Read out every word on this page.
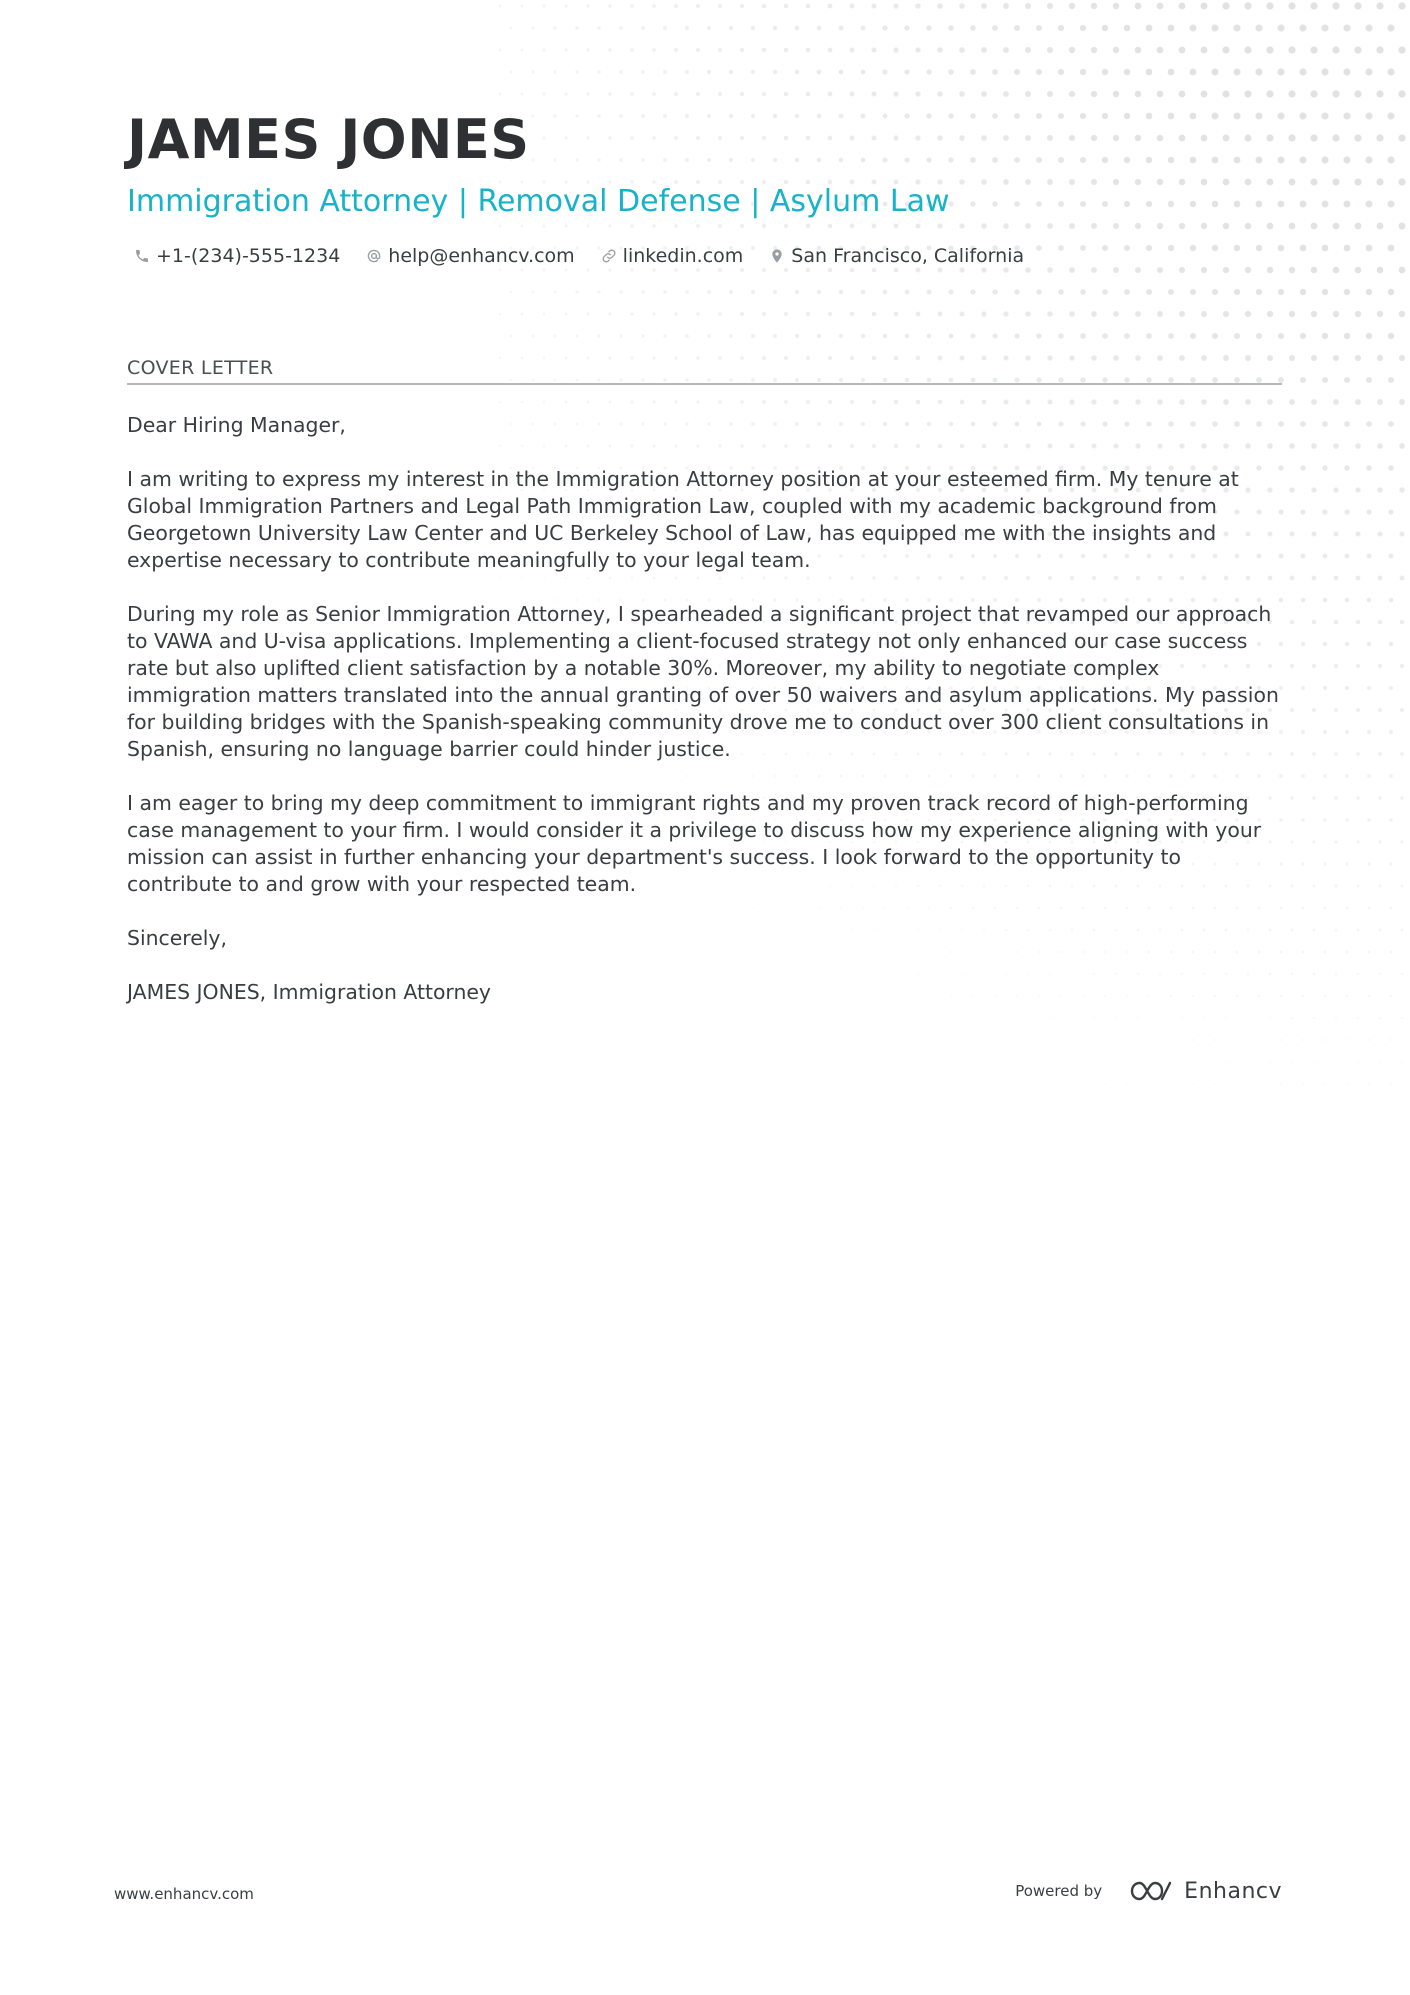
JAMES JONES
Immigration Attorney | Removal Defense | Asylum Law
+1-(234)-555-1234	help@enhancv.com	linkedin.com	San Francisco, California
COVER LETTER

Dear Hiring Manager,

I am writing to express my interest in the Immigration Attorney position at your esteemed firm. My tenure at Global Immigration Partners and Legal Path Immigration Law, coupled with my academic background from Georgetown University Law Center and UC Berkeley School of Law, has equipped me with the insights and expertise necessary to contribute meaningfully to your legal team.

During my role as Senior Immigration Attorney, I spearheaded a significant project that revamped our approach to VAWA and U-visa applications. Implementing a client-focused strategy not only enhanced our case success rate but also uplifted client satisfaction by a notable 30%. Moreover, my ability to negotiate complex immigration matters translated into the annual granting of over 50 waivers and asylum applications. My passion for building bridges with the Spanish-speaking community drove me to conduct over 300 client consultations in Spanish, ensuring no language barrier could hinder justice.

I am eager to bring my deep commitment to immigrant rights and my proven track record of high-performing case management to your firm. I would consider it a privilege to discuss how my experience aligning with your mission can assist in further enhancing your department's success. I look forward to the opportunity to contribute to and grow with your respected team.

Sincerely,

JAMES JONES, Immigration Attorney

www.enhancv.com	Powered by	Enhancv
